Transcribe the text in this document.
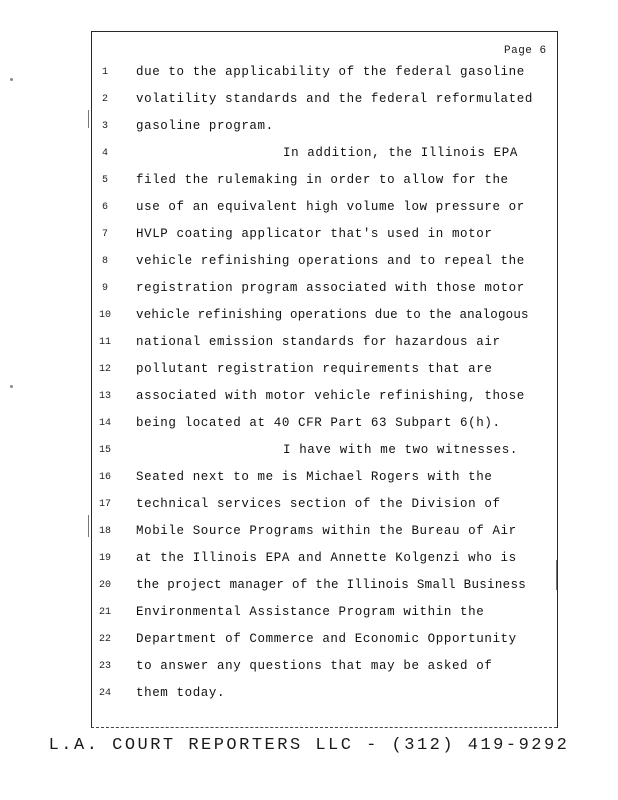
Page 6
1	due to the applicability of the federal gasoline
2	volatility standards and the federal reformulated
3	gasoline program.
4	In addition, the Illinois EPA
5	filed the rulemaking in order to allow for the
6	use of an equivalent high volume low pressure or
7	HVLP coating applicator that's used in motor
8	vehicle refinishing operations and to repeal the
9	registration program associated with those motor
10	vehicle refinishing operations due to the analogous
11	national emission standards for hazardous air
12	pollutant registration requirements that are
13	associated with motor vehicle refinishing, those
14	being located at 40 CFR Part 63 Subpart 6(h).
15	I have with me two witnesses.
16	Seated next to me is Michael Rogers with the
17	technical services section of the Division of
18	Mobile Source Programs within the Bureau of Air
19	at the Illinois EPA and Annette Kolgenzi who is
20	the project manager of the Illinois Small Business
21	Environmental Assistance Program within the
22	Department of Commerce and Economic Opportunity
23	to answer any questions that may be asked of
24	them today.
L.A. COURT REPORTERS LLC - (312) 419-9292
